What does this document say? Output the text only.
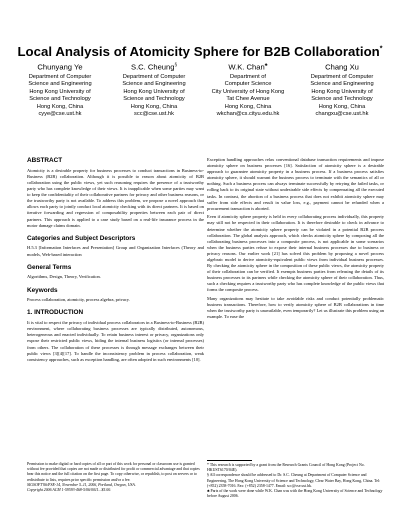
Local Analysis of Atomicity Sphere for B2B Collaboration*
Chunyang Ye
Department of Computer
Science and Engineering
Hong Kong University of
Science and Technology
Hong Kong, China
cyye@cse.ust.hk
S.C. Cheung§
Department of Computer
Science and Engineering
Hong Kong University of
Science and Technology
Hong Kong, China
scc@cse.ust.hk
W.K. Chan♣
Department of
Computer Science
City University of Hong Kong
Tat Chee Avenue
Hong Kong, China
wkchan@cs.cityu.edu.hk
Chang Xu
Department of Computer
Science and Engineering
Hong Kong University of
Science and Technology
Hong Kong, China
changxu@cse.ust.hk
ABSTRACT

Atomicity is a desirable property for business processes to conduct transactions in Business-to-Business (B2B) collaboration. Although it is possible to reason about atomicity of B2B collaboration using the public views, yet such reasoning requires the presence of a trustworthy party who has complete knowledge of their views. It is inapplicable when some parties may want to keep the confidentiality of their collaborative partners for privacy and other business reasons, or the trustworthy party is not available. To address this problem, we propose a novel approach that allows each party to jointly conduct local atomicity checking with its direct partners. It is based on iterative forwarding and regression of composability properties between each pair of direct partners. This approach is applied to a case study based on a real-life insurance process in the motor damage claims domain.

Categories and Subject Descriptors

H.5.3 [Information Interfaces and Presentation] Group and Organization Interfaces (Theory and models, Web-based interaction

General Terms

Algorithms, Design, Theory, Verification.

Keywords

Process collaboration, atomicity, process algebra, privacy.

1. INTRODUCTION

It is vital to respect the privacy of individual process collaborators in a Business-to-Business (B2B) environment, where collaborating business processes are typically distributed, autonomous, heterogeneous and enacted individually. To retain business interest or privacy, organizations only expose their restricted public views, hiding the internal business logistics (or internal processes) from others. The collaboration of these processes is through message exchanges between their public views [3][4][17]. To handle the inconsistency problem in process collaboration, weak consistency approaches, such as exception handling, are often adopted in such environments [10].

Permission to make digital or hard copies of all or part of this work for personal or classroom use is granted without fee provided that copies are not made or distributed for profit or commercial advantage and that copies bear this notice and the full citation on the first page. To copy otherwise, or republish, to post on servers or to redistribute to lists, requires prior specific permission and/or a fee.

SIGSOFT'06/FSE-14, November 5–11, 2006, Portland, Oregon, USA.

Copyright 2006 ACM 1-59593-468-5/06/0011...$5.00.

Exception handling approaches relax conventional database transaction requirements and impose atomicity sphere on business processes [16]. Satisfaction of atomicity sphere is a desirable approach to guarantee atomicity property in a business process. If a business process satisfies atomicity sphere, it should warrant the business process to terminate with the semantics of all or nothing. Such a business process can always terminate successfully by retrying the failed tasks, or rolling back to its original state without undesirable side effects by compensating all the executed tasks. In contrast, the abortion of a business process that does not exhibit atomicity sphere may suffer from side effects and result in value loss, e.g., payment cannot be refunded when a procurement transaction is aborted.

Even if atomicity sphere property is held in every collaborating process individually, this property may still not be respected in their collaboration. It is therefore desirable to check in advance to determine whether the atomicity sphere property can be violated in a potential B2B process collaboration. The global analysis approach, which checks atomicity sphere by composing all the collaborating business processes into a composite process, is not applicable in some scenarios when the business parties refuse to expose their internal business processes due to business or privacy reasons. Our earlier work [21] has solved this problem by proposing a novel process algebraic model to derive atomicity-equivalent public views from individual business processes. By checking the atomicity sphere in the composition of these public views, the atomicity property of their collaboration can be verified. It exempts business parties from releasing the details of its business processes to its partners while checking the atomicity sphere of their collaboration. Thus, such a checking requires a trustworthy party who has complete knowledge of the public views that forms the composite process.

Many organizations may hesitate to take avoidable risks and conduct potentially problematic business transactions. Therefore, how to verify atomicity sphere of B2B collaborations in time when the trustworthy party is unavailable, even temporarily? Let us illustrate this problem using an example. To ease the

* This research is supported by a grant from the Research Grants Council of Hong Kong (Project No. HKUST6170/04E).

§ All correspondence should be addressed to Dr. S.C. Cheung at Department of Computer Science and Engineering, The Hong Kong University of Science and Technology, Clear Water Bay, Hong Kong, China. Tel: (+852) 2358-7016. Fax: (+852) 2358-1477. Email: scc@cse.ust.hk.

♣ Parts of the work were done while W.K. Chan was with the Hong Kong University of Science and Technology before August 2006.
